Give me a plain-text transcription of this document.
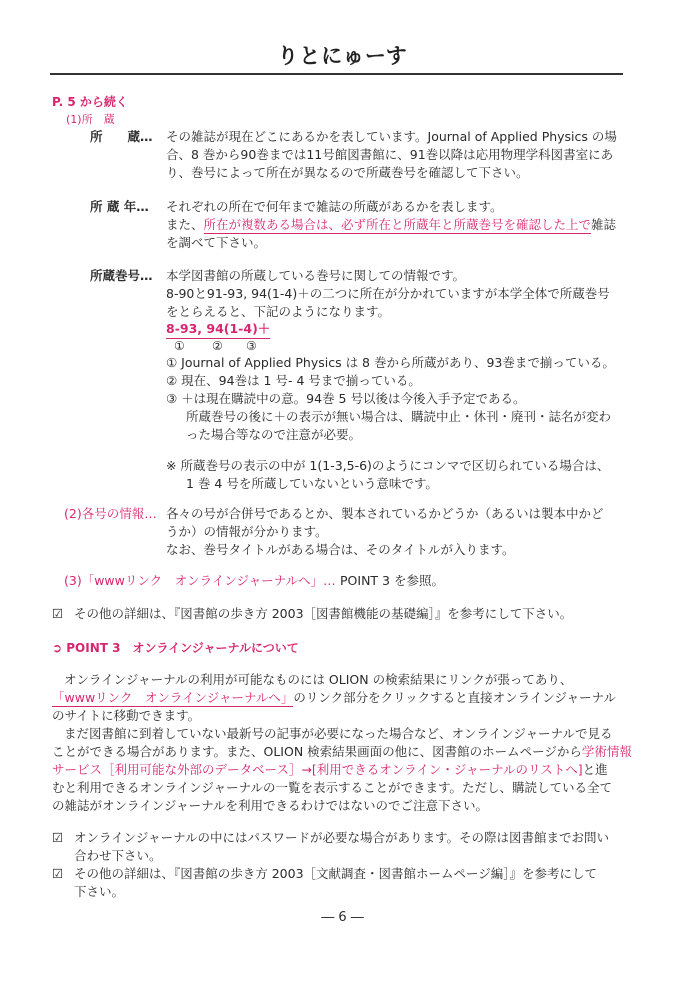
りとにゅーす
P. 5 から続く
(1)所　蔵
所　　蔵… その雑誌が現在どこにあるかを表しています。Journal of Applied Physics の場
合、8 巻から90巻までは11号館図書館に、91巻以降は応用物理学科図書室にあ
り、巻号によって所在が異なるので所蔵巻号を確認して下さい。
所 蔵 年… それぞれの所在で何年まで雑誌の所蔵があるかを表します。
また、所在が複数ある場合は、必ず所在と所蔵年と所蔵巻号を確認した上で雑誌
を調べて下さい。
所蔵巻号… 本学図書館の所蔵している巻号に関しての情報です。
8-90と91-93, 94(1-4)＋の二つに所在が分かれていますが本学全体で所蔵巻号
をとらえると、下記のようになります。
8-93, 94(1-4)＋
① ② ③
① Journal of Applied Physics は 8 巻から所蔵があり、93巻まで揃っている。
② 現在、94巻は 1 号- 4 号まで揃っている。
③ ＋は現在購読中の意。94巻 5 号以後は今後入手予定である。
所蔵巻号の後に＋の表示が無い場合は、購読中止・休刊・廃刊・誌名が変わ
った場合等なので注意が必要。
※ 所蔵巻号の表示の中が 1(1-3,5-6)のようにコンマで区切られている場合は、
1 巻 4 号を所蔵していないという意味です。
(2)各号の情報… 各々の号が合併号であるとか、製本されているかどうか（あるいは製本中かど
うか）の情報が分かります。
なお、巻号タイトルがある場合は、そのタイトルが入ります。
(3)「wwwリンク　オンラインジャーナルへ」… POINT 3 を参照。
☑ その他の詳細は、『図書館の歩き方 2003［図書館機能の基礎編］』を参考にして下さい。
➲ POINT 3　オンラインジャーナルについて
オンラインジャーナルの利用が可能なものには OLION の検索結果にリンクが張ってあり、
「wwwリンク　オンラインジャーナルへ」のリンク部分をクリックすると直接オンラインジャーナル
のサイトに移動できます。
まだ図書館に到着していない最新号の記事が必要になった場合など、オンラインジャーナルで見る
ことができる場合があります。また、OLION 検索結果画面の他に、図書館のホームページから学術情報
サービス［利用可能な外部のデータベース］→[利用できるオンライン・ジャーナルのリストへ]と進
むと利用できるオンラインジャーナルの一覧を表示することができます。ただし、購読している全て
の雑誌がオンラインジャーナルを利用できるわけではないのでご注意下さい。
☑ オンラインジャーナルの中にはパスワードが必要な場合があります。その際は図書館までお問い
合わせ下さい。
☑ その他の詳細は、『図書館の歩き方 2003［文献調査・図書館ホームページ編］』を参考にして
下さい。
― 6 ―
